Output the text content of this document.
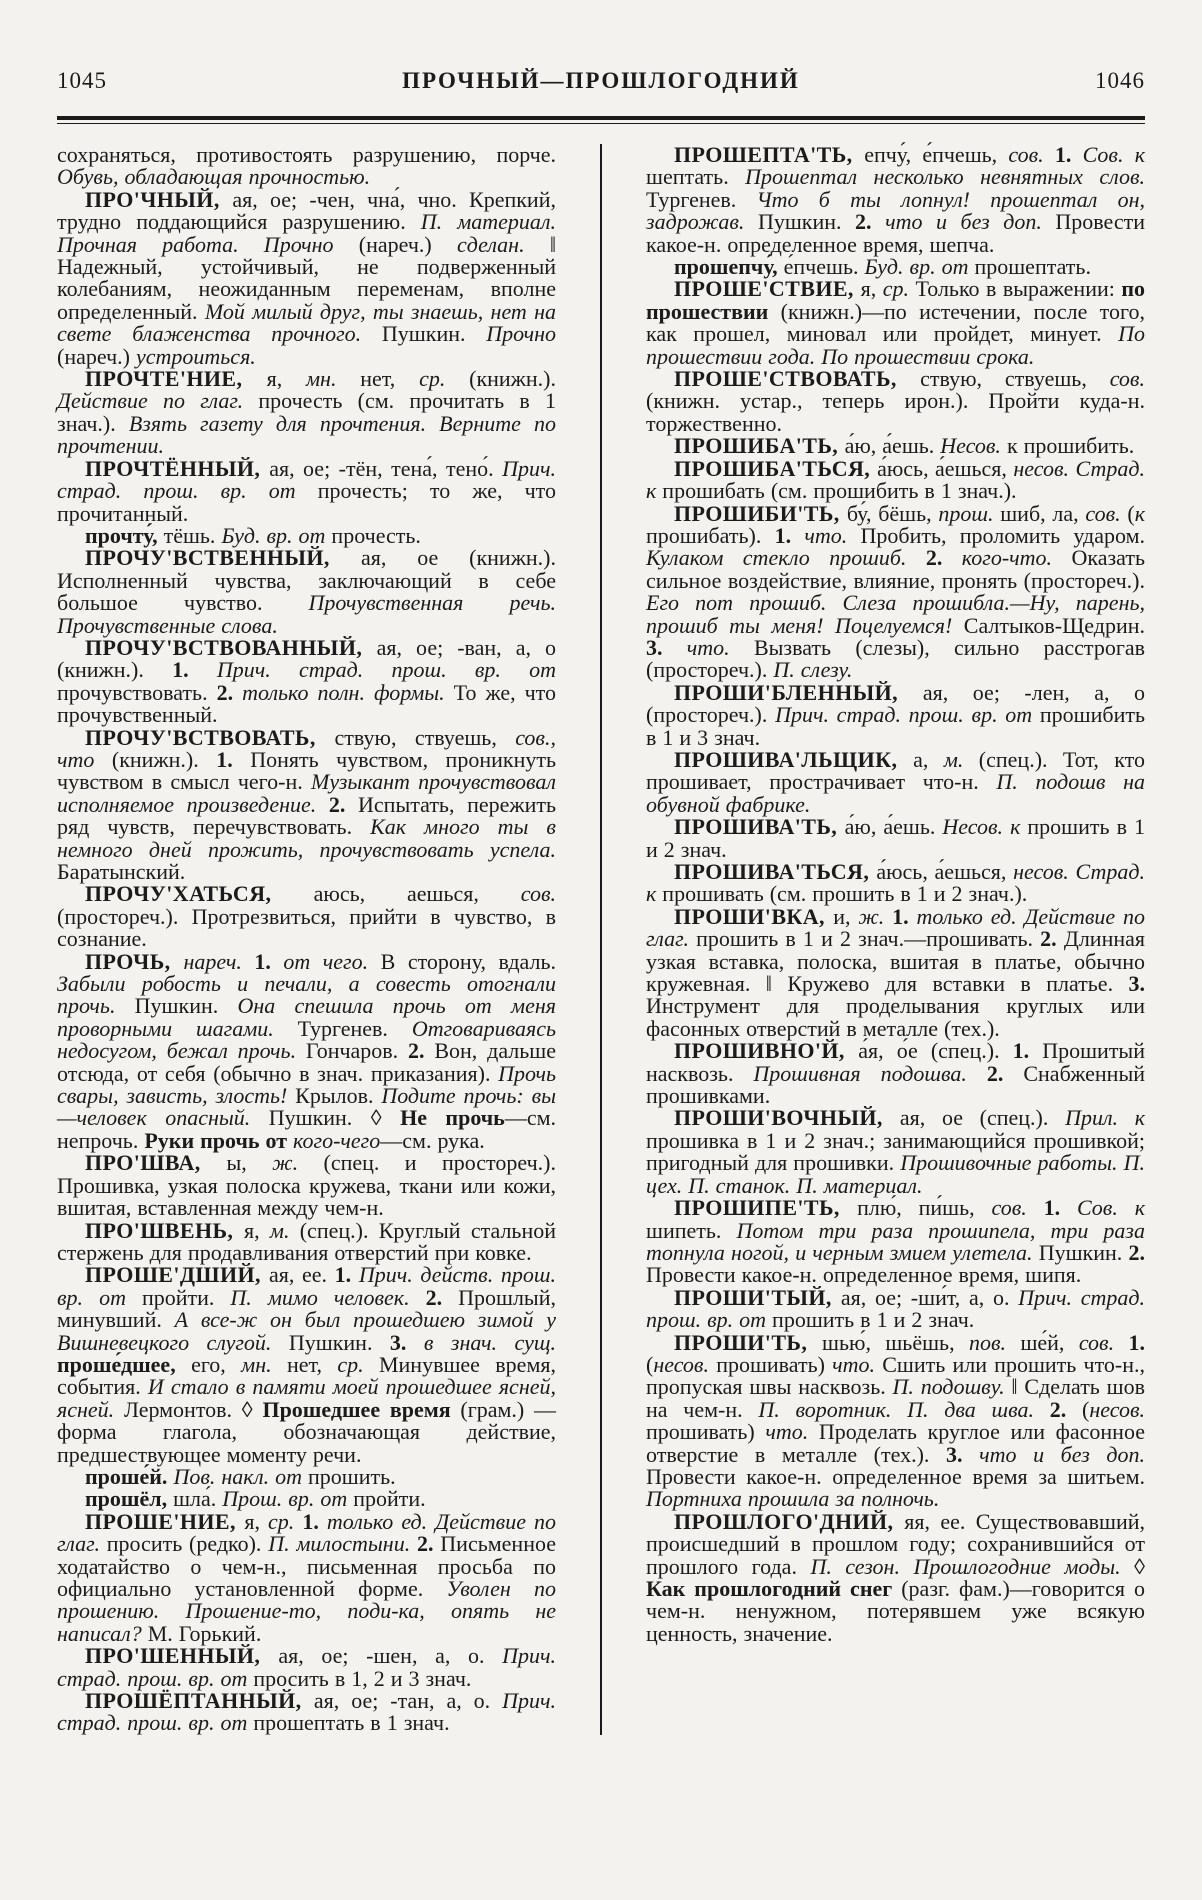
1045	ПРОЧНЫЙ—ПРОШЛОГОДНИЙ	1046

сохраняться, противостоять разрушению, порче. Обувь, обладающая прочностью.

ПРО'ЧНЫЙ, ая, ое; -чен, чна́, чно. Крепкий, трудно поддающийся разрушению. П. материал. Прочная работа. Прочно (нареч.) сделан. ‖ Надежный, устойчивый, не подверженный колебаниям, неожиданным переменам, вполне определенный. Мой милый друг, ты знаешь, нет на свете блаженства прочного. Пушкин. Прочно (нареч.) устроиться.

ПРОЧТЕ'НИЕ, я, мн. нет, ср. (книжн.). Действие по глаг. прочесть (см. прочитать в 1 знач.). Взять газету для прочтения. Верните по прочтении.

ПРОЧТЁННЫЙ, ая, ое; -тён, тена́, тено́. Прич. страд. прош. вр. от прочесть; то же, что прочитанный.

прочту́, тёшь. Буд. вр. от прочесть.

ПРОЧУ'ВСТВЕННЫЙ, ая, ое (книжн.). Исполненный чувства, заключающий в себе большое чувство. Прочувственная речь. Прочувственные слова.

ПРОЧУ'ВСТВОВАННЫЙ, ая, ое; -ван, а, о (книжн.). 1. Прич. страд. прош. вр. от прочувствовать. 2. только полн. формы. То же, что прочувственный.

ПРОЧУ'ВСТВОВАТЬ, ствую, ствуешь, сов., что (книжн.). 1. Понять чувством, проникнуть чувством в смысл чего-н. Музыкант прочувствовал исполняемое произведение. 2. Испытать, пережить ряд чувств, перечувствовать. Как много ты в немного дней прожить, прочувствовать успела. Баратынский.

ПРОЧУ'ХАТЬСЯ, аюсь, аешься, сов. (простореч.). Протрезвиться, прийти в чувство, в сознание.

ПРОЧЬ, нареч. 1. от чего. В сторону, вдаль. Забыли робость и печали, а совесть отогнали прочь. Пушкин. Она спешила прочь от меня проворными шагами. Тургенев. Отговариваясь недосугом, бежал прочь. Гончаров. 2. Вон, дальше отсюда, от себя (обычно в знач. приказания). Прочь свары, зависть, злость! Крылов. Подите прочь: вы—человек опасный. Пушкин. ◊ Не прочь—см. непрочь. Руки прочь от кого-чего—см. рука.

ПРО'ШВА, ы, ж. (спец. и простореч.). Прошивка, узкая полоска кружева, ткани или кожи, вшитая, вставленная между чем-н.

ПРО'ШВЕНЬ, я, м. (спец.). Круглый стальной стержень для продавливания отверстий при ковке.

ПРОШЕ'ДШИЙ, ая, ее. 1. Прич. действ. прош. вр. от пройти. П. мимо человек. 2. Прошлый, минувший. А все-ж он был прошедшею зимой у Вишневецкого слугой. Пушкин. 3. в знач. сущ. проше́дшее, его, мн. нет, ср. Минувшее время, события. И стало в памяти моей прошедшее ясней, ясней. Лермонтов. ◊ Прошедшее время (грам.) — форма глагола, обозначающая действие, предшествующее моменту речи.

проше́й. Пов. накл. от прошить.

прошёл, шла́. Прош. вр. от пройти.

ПРОШЕ'НИЕ, я, ср. 1. только ед. Действие по глаг. просить (редко). П. милостыни. 2. Письменное ходатайство о чем-н., письменная просьба по официально установленной форме. Уволен по прошению. Прошение-то, поди-ка, опять не написал? М. Горький.

ПРО'ШЕННЫЙ, ая, ое; -шен, а, о. Прич. страд. прош. вр. от просить в 1, 2 и 3 знач.

ПРОШЁПТАННЫЙ, ая, ое; -тан, а, о. Прич. страд. прош. вр. от прошептать в 1 знач.

ПРОШЕПТА'ТЬ, епчу́, е́пчешь, сов. 1. Сов. к шептать. Прошептал несколько невнятных слов. Тургенев. Что б ты лопнул! прошептал он, задрожав. Пушкин. 2. что и без доп. Провести какое-н. определенное время, шепча.

прошепчу́, е́пчешь. Буд. вр. от прошептать.

ПРОШЕ'СТВИЕ, я, ср. Только в выражении: по прошествии (книжн.)—по истечении, после того, как прошел, миновал или пройдет, минует. По прошествии года. По прошествии срока.

ПРОШЕ'СТВОВАТЬ, ствую, ствуешь, сов. (книжн. устар., теперь ирон.). Пройти куда-н. торжественно.

ПРОШИБА'ТЬ, а́ю, а́ешь. Несов. к прошибить.

ПРОШИБА'ТЬСЯ, а́юсь, а́ешься, несов. Страд. к прошибать (см. прошибить в 1 знач.).

ПРОШИБИ'ТЬ, бу́, бёшь, прош. шиб, ла, сов. (к прошибать). 1. что. Пробить, проломить ударом. Кулаком стекло прошиб. 2. кого-что. Оказать сильное воздействие, влияние, пронять (простореч.). Его пот прошиб. Слеза прошибла.—Ну, парень, прошиб ты меня! Поцелуемся! Салтыков-Щедрин. 3. что. Вызвать (слезы), сильно расстрогав (простореч.). П. слезу.

ПРОШИ'БЛЕННЫЙ, ая, ое; -лен, а, о (простореч.). Прич. страд. прош. вр. от прошибить в 1 и 3 знач.

ПРОШИВА'ЛЬЩИК, а, м. (спец.). Тот, кто прошивает, прострачивает что-н. П. подошв на обувной фабрике.

ПРОШИВА'ТЬ, а́ю, а́ешь. Несов. к прошить в 1 и 2 знач.

ПРОШИВА'ТЬСЯ, а́юсь, а́ешься, несов. Страд. к прошивать (см. прошить в 1 и 2 знач.).

ПРОШИ'ВКА, и, ж. 1. только ед. Действие по глаг. прошить в 1 и 2 знач.—прошивать. 2. Длинная узкая вставка, полоска, вшитая в платье, обычно кружевная. ‖ Кружево для вставки в платье. 3. Инструмент для проделывания круглых или фасонных отверстий в металле (тех.).

ПРОШИВНО'Й, а́я, о́е (спец.). 1. Прошитый насквозь. Прошивная подошва. 2. Снабженный прошивками.

ПРОШИ'ВОЧНЫЙ, ая, ое (спец.). Прил. к прошивка в 1 и 2 знач.; занимающийся прошивкой; пригодный для прошивки. Прошивочные работы. П. цех. П. станок. П. материал.

ПРОШИПЕ'ТЬ, плю́, пи́шь, сов. 1. Сов. к шипеть. Потом три раза прошипела, три раза топнула ногой, и черным змием улетела. Пушкин. 2. Провести какое-н. определенное время, шипя.

ПРОШИ'ТЫЙ, ая, ое; -ши́т, а, о. Прич. страд. прош. вр. от прошить в 1 и 2 знач.

ПРОШИ'ТЬ, шью́, шьёшь, пов. ше́й, сов. 1. (несов. прошивать) что. Сшить или прошить что-н., пропуская швы насквозь. П. подошву. ‖ Сделать шов на чем-н. П. воротник. П. два шва. 2. (несов. прошивать) что. Проделать круглое или фасонное отверстие в металле (тех.). 3. что и без доп. Провести какое-н. определенное время за шитьем. Портниха прошила за полночь.

ПРОШЛОГО'ДНИЙ, яя, ее. Существовавший, происшедший в прошлом году; сохранившийся от прошлого года. П. сезон. Прошлогодние моды. ◊ Как прошлогодний снег (разг. фам.)—говорится о чем-н. ненужном, потерявшем уже всякую ценность, значение.
